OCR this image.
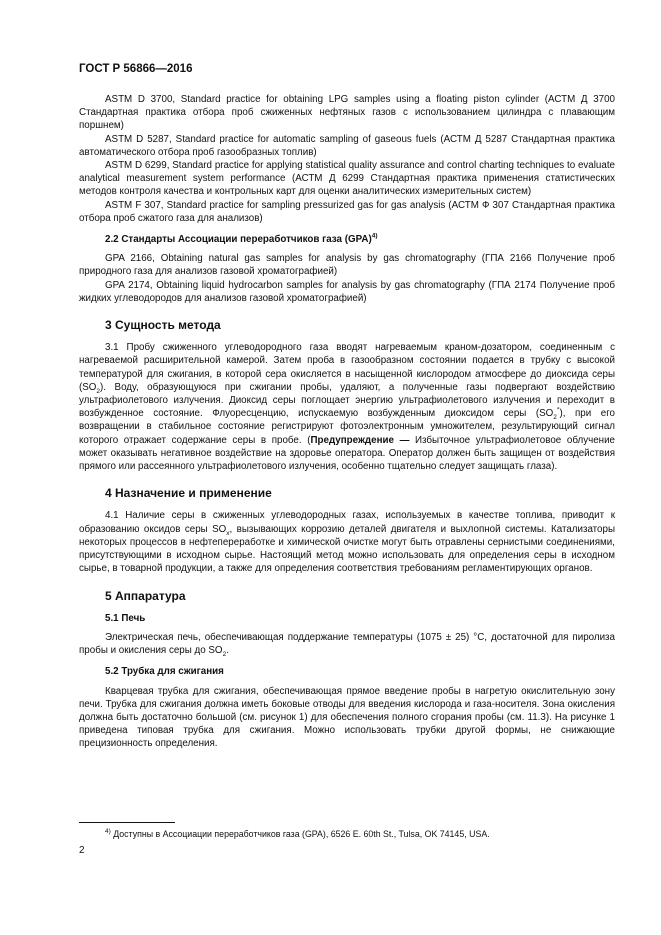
ГОСТ Р 56866—2016

ASTM D 3700, Standard practice for obtaining LPG samples using a floating piston cylinder (АСТМ Д 3700 Стандартная практика отбора проб сжиженных нефтяных газов с использованием цилиндра с плавающим поршнем)

ASTM D 5287, Standard practice for automatic sampling of gaseous fuels (АСТМ Д 5287 Стандартная практика автоматического отбора проб газообразных топлив)

ASTM D 6299, Standard practice for applying statistical quality assurance and control charting techniques to evaluate analytical measurement system performance (АСТМ Д 6299 Стандартная практика применения статистических методов контроля качества и контрольных карт для оценки аналитических измерительных систем)

ASTM F 307, Standard practice for sampling pressurized gas for gas analysis (АСТМ Ф 307 Стандартная практика отбора проб сжатого газа для анализов)

2.2 Стандарты Ассоциации переработчиков газа (GPA)$^{4)}$

GPA 2166, Obtaining natural gas samples for analysis by gas chromatography (ГПА 2166 Получение проб природного газа для анализов газовой хроматографией)

GPA 2174, Obtaining liquid hydrocarbon samples for analysis by gas chromatography (ГПА 2174 Получение проб жидких углеводородов для анализов газовой хроматографией)

3 Сущность метода

3.1 Пробу сжиженного углеводородного газа вводят нагреваемым краном-дозатором, соединенным с нагреваемой расширительной камерой. Затем проба в газообразном состоянии подается в трубку с высокой температурой для сжигания, в которой сера окисляется в насыщенной кислородом атмосфере до диоксида серы $(SO_2)$. Воду, образующуюся при сжигании пробы, удаляют, а полученные газы подвергают воздействию ультрафиолетового излучения. Диоксид серы поглощает энергию ультрафиолетового излучения и переходит в возбужденное состояние. Флуоресценцию, испускаемую возбужденным диоксидом серы $(SO_2^*)$, при его возвращении в стабильное состояние регистрируют фотоэлектронным умножителем, результирующий сигнал которого отражает содержание серы в пробе. (Предупреждение — Избыточное ультрафиолетовое облучение может оказывать негативное воздействие на здоровье оператора. Оператор должен быть защищен от воздействия прямого или рассеянного ультрафиолетового излучения, особенно тщательно следует защищать глаза).

4 Назначение и применение

4.1 Наличие серы в сжиженных углеводородных газах, используемых в качестве топлива, приводит к образованию оксидов серы $SO_x$, вызывающих коррозию деталей двигателя и выхлопной системы. Катализаторы некоторых процессов в нефтепереработке и химической очистке могут быть отравлены сернистыми соединениями, присутствующими в исходном сырье. Настоящий метод можно использовать для определения серы в исходном сырье, в товарной продукции, а также для определения соответствия требованиям регламентирующих органов.

5 Аппаратура
5.1 Печь

Электрическая печь, обеспечивающая поддержание температуры (1075 ± 25) °С, достаточной для пиролиза пробы и окисления серы до $SO_2$.

5.2 Трубка для сжигания

Кварцевая трубка для сжигания, обеспечивающая прямое введение пробы в нагретую окислительную зону печи. Трубка для сжигания должна иметь боковые отводы для введения кислорода и газа-носителя. Зона окисления должна быть достаточно большой (см. рисунок 1) для обеспечения полного сгорания пробы (см. 11.3). На рисунке 1 приведена типовая трубка для сжигания. Можно использовать трубки другой формы, не снижающие прецизионность определения.

$^{4)}$ Доступны в Ассоциации переработчиков газа (GPA), 6526 E. 60th St., Tulsa, OK 74145, USA.
2
